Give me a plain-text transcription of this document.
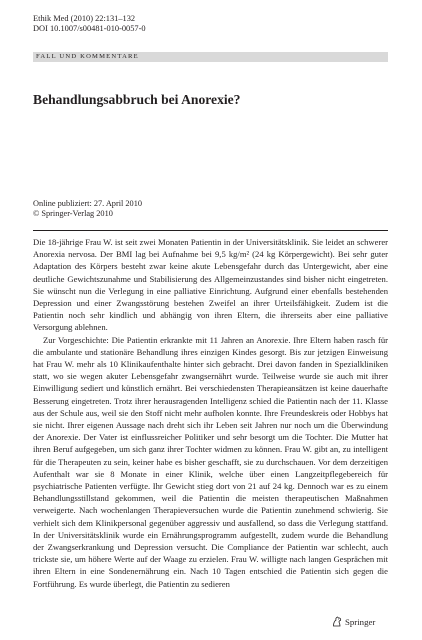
Ethik Med (2010) 22:131–132
DOI 10.1007/s00481-010-0057-0
FALL UND KOMMENTARE
Behandlungsabbruch bei Anorexie?
Online publiziert: 27. April 2010
© Springer-Verlag 2010

Die 18-jährige Frau W. ist seit zwei Monaten Patientin in der Universitätsklinik. Sie leidet an schwerer Anorexia nervosa. Der BMI lag bei Aufnahme bei 9,5 kg/m² (24 kg Körpergewicht). Bei sehr guter Adaptation des Körpers besteht zwar keine akute Lebensgefahr durch das Untergewicht, aber eine deutliche Gewichtszunahme und Stabilisierung des Allgemeinzustandes sind bisher nicht eingetreten. Sie wünscht nun die Verlegung in eine palliative Einrichtung. Aufgrund einer ebenfalls bestehenden Depression und einer Zwangsstörung bestehen Zweifel an ihrer Urteilsfähigkeit. Zudem ist die Patientin noch sehr kindlich und abhängig von ihren Eltern, die ihrerseits aber eine palliative Versorgung ablehnen.

Zur Vorgeschichte: Die Patientin erkrankte mit 11 Jahren an Anorexie. Ihre Eltern haben rasch für die ambulante und stationäre Behandlung ihres einzigen Kindes gesorgt. Bis zur jetzigen Einweisung hat Frau W. mehr als 10 Klinikaufenthalte hinter sich gebracht. Drei davon fanden in Spezialkliniken statt, wo sie wegen akuter Lebensgefahr zwangsernährt wurde. Teilweise wurde sie auch mit ihrer Einwilligung sediert und künstlich ernährt. Bei verschiedensten Therapieansätzen ist keine dauerhafte Besserung eingetreten. Trotz ihrer herausragenden Intelligenz schied die Patientin nach der 11. Klasse aus der Schule aus, weil sie den Stoff nicht mehr aufholen konnte. Ihre Freundeskreis oder Hobbys hat sie nicht. Ihrer eigenen Aussage nach dreht sich ihr Leben seit Jahren nur noch um die Überwindung der Anorexie. Der Vater ist einflussreicher Politiker und sehr besorgt um die Tochter. Die Mutter hat ihren Beruf aufgegeben, um sich ganz ihrer Tochter widmen zu können. Frau W. gibt an, zu intelligent für die Therapeuten zu sein, keiner habe es bisher geschafft, sie zu durchschauen. Vor dem derzeitigen Aufenthalt war sie 8 Monate in einer Klinik, welche über einen Langzeitpflegebereich für psychiatrische Patienten verfügte. Ihr Gewicht stieg dort von 21 auf 24 kg. Dennoch war es zu einem Behandlungsstillstand gekommen, weil die Patientin die meisten therapeutischen Maßnahmen verweigerte. Nach wochenlangen Therapieversuchen wurde die Patientin zunehmend schwierig. Sie verhielt sich dem Klinikpersonal gegenüber aggressiv und ausfallend, so dass die Verlegung stattfand. In der Universitätsklinik wurde ein Ernährungsprogramm aufgestellt, zudem wurde die Behandlung der Zwangserkrankung und Depression versucht. Die Compliance der Patientin war schlecht, auch trickste sie, um höhere Werte auf der Waage zu erzielen. Frau W. willigte nach langen Gesprächen mit ihren Eltern in eine Sondenernährung ein. Nach 10 Tagen entschied die Patientin sich gegen die Fortführung. Es wurde überlegt, die Patientin zu sedieren

Springer
